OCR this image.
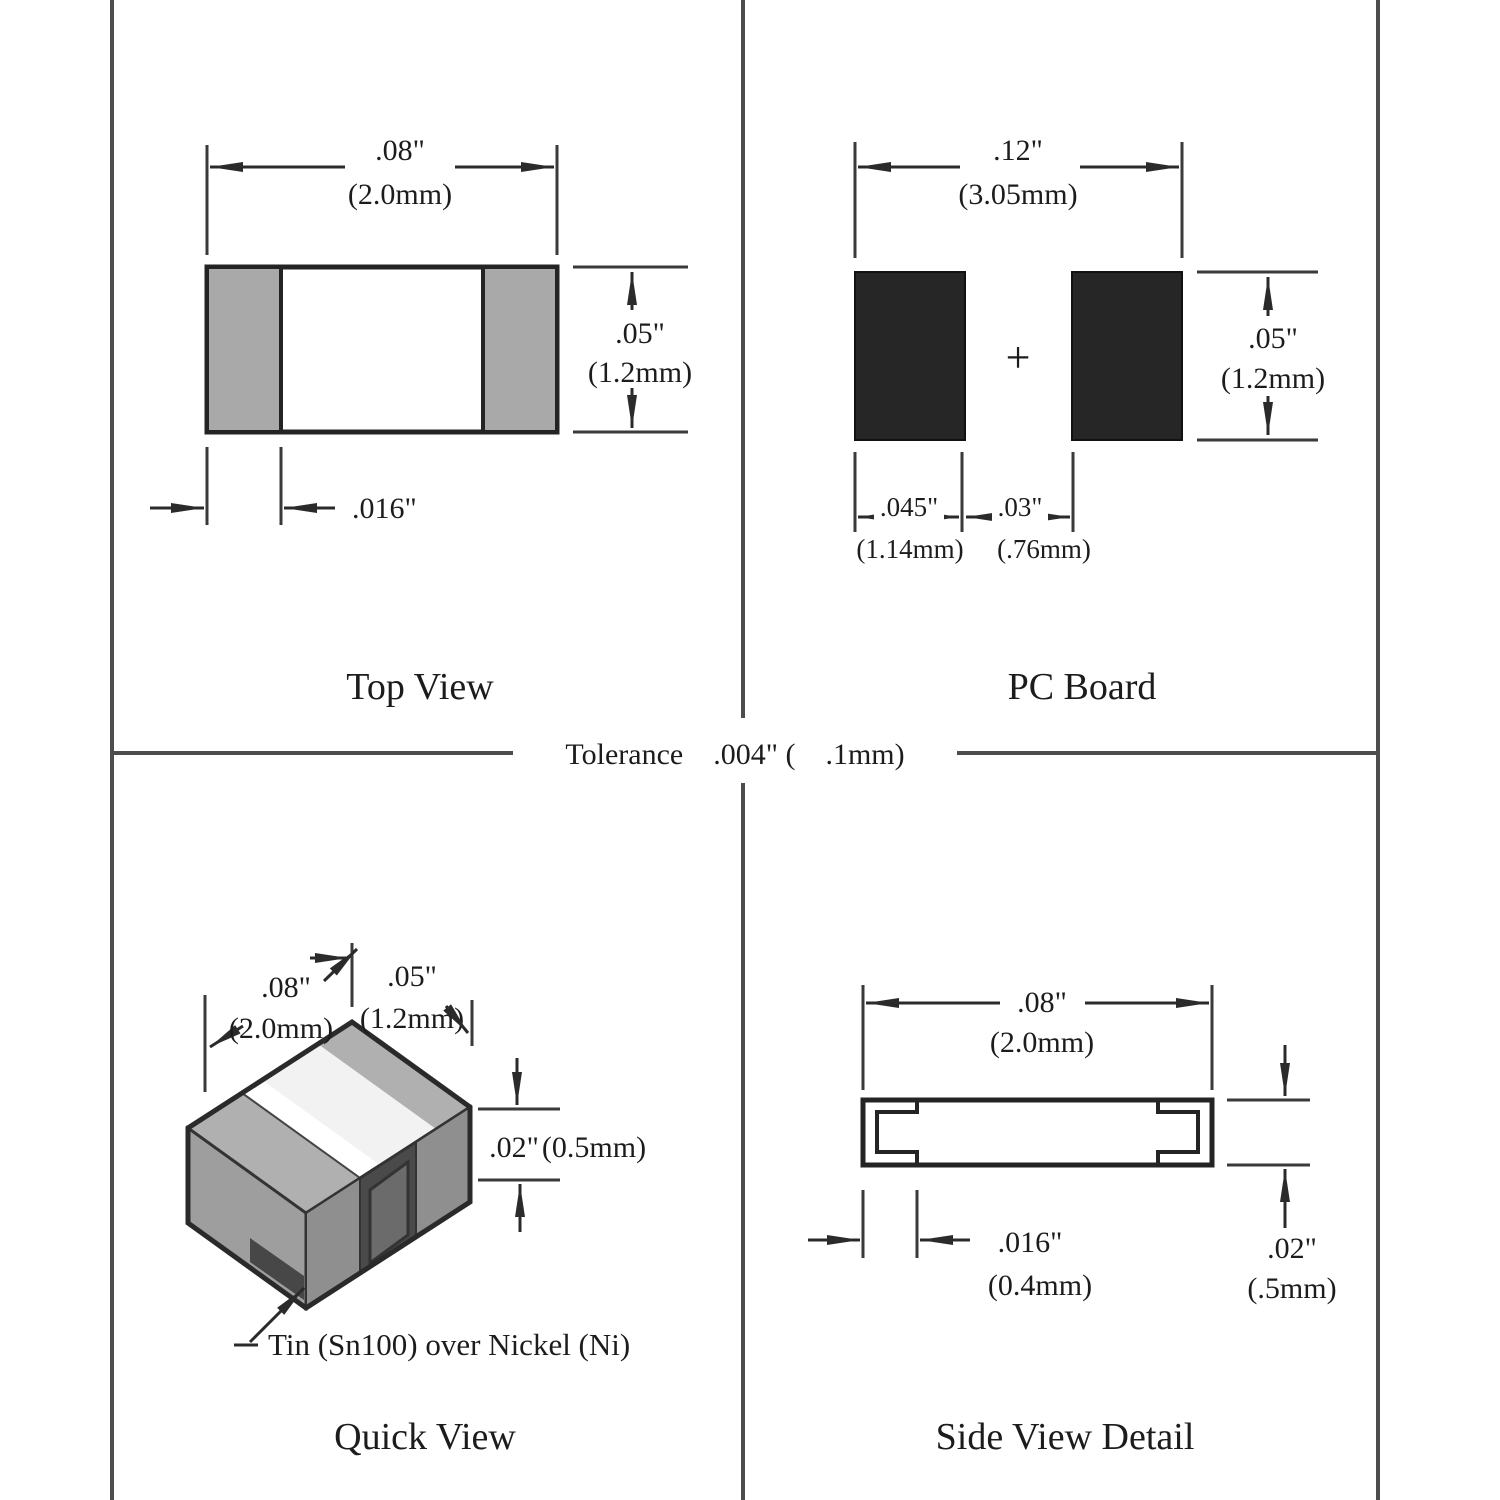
Tolerance    .004" (    .1mm)
.08"
(2.0mm)
.05"
(1.2mm)
.016"
Top View
+
.12"
(3.05mm)
.05"
(1.2mm)
.045" .03"
(1.14mm) (.76mm)
PC Board
.08"
(2.0mm)
.05"
(1.2mm)
.02" (0.5mm)
Tin (Sn100) over Nickel (Ni)
Quick View
.08"
(2.0mm)
.016"
(0.4mm)
.02"
(.5mm)
Side View Detail
